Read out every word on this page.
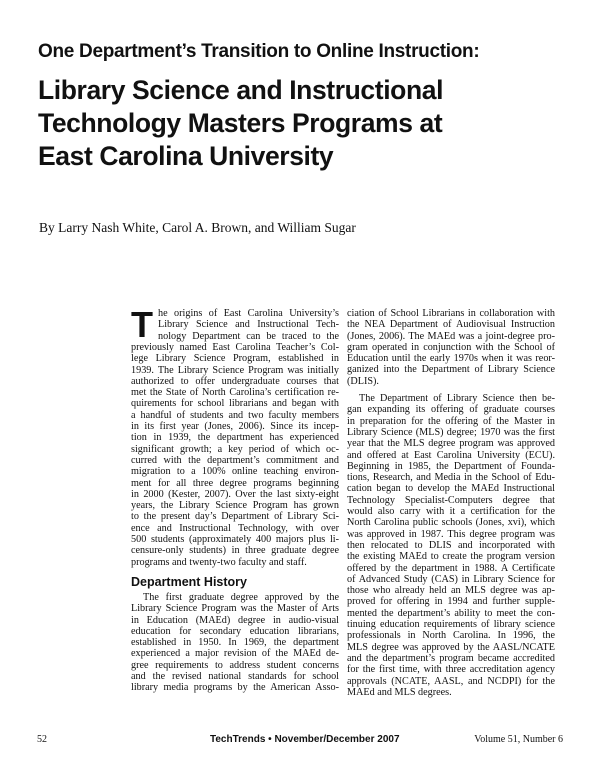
One Department’s Transition to Online Instruction:
Library Science and Instructional
Technology Masters Programs at
East Carolina University
By Larry Nash White, Carol A. Brown, and William Sugar
T he origins of East Carolina University’s
Library Science and Instructional Tech-
nology Department can be traced to the
previously named East Carolina Teacher’s Col-
lege Library Science Program, established in
1939. The Library Science Program was initially
authorized to offer undergraduate courses that
met the State of North Carolina’s certification re-
quirements for school librarians and began with
a handful of students and two faculty members
in its first year (Jones, 2006). Since its incep-
tion in 1939, the department has experienced
significant growth; a key period of which oc-
curred with the department’s commitment and
migration to a 100% online teaching environ-
ment for all three degree programs beginning
in 2000 (Kester, 2007). Over the last sixty-eight
years, the Library Science Program has grown
to the present day’s Department of Library Sci-
ence and Instructional Technology, with over
500 students (approximately 400 majors plus li-
censure-only students) in three graduate degree
programs and twenty-two faculty and staff.
Department History
The first graduate degree approved by the
Library Science Program was the Master of Arts
in Education (MAEd) degree in audio-visual
education for secondary education librarians,
established in 1950. In 1969, the department
experienced a major revision of the MAEd de-
gree requirements to address student concerns
and the revised national standards for school
library media programs by the American Asso-
ciation of School Librarians in collaboration with
the NEA Department of Audiovisual Instruction
(Jones, 2006). The MAEd was a joint-degree pro-
gram operated in conjunction with the School of
Education until the early 1970s when it was reor-
ganized into the Department of Library Science
(DLIS).
The Department of Library Science then be-
gan expanding its offering of graduate courses
in preparation for the offering of the Master in
Library Science (MLS) degree; 1970 was the first
year that the MLS degree program was approved
and offered at East Carolina University (ECU).
Beginning in 1985, the Department of Founda-
tions, Research, and Media in the School of Edu-
cation began to develop the MAEd Instructional
Technology Specialist-Computers degree that
would also carry with it a certification for the
North Carolina public schools (Jones, xvi), which
was approved in 1987. This degree program was
then relocated to DLIS and incorporated with
the existing MAEd to create the program version
offered by the department in 1988. A Certificate
of Advanced Study (CAS) in Library Science for
those who already held an MLS degree was ap-
proved for offering in 1994 and further supple-
mented the department’s ability to meet the con-
tinuing education requirements of library science
professionals in North Carolina. In 1996, the
MLS degree was approved by the AASL/NCATE
and the department’s program became accredited
for the first time, with three accreditation agency
approvals (NCATE, AASL, and NCDPI) for the
MAEd and MLS degrees.
52	TechTrends • November/December 2007	Volume 51, Number 6
